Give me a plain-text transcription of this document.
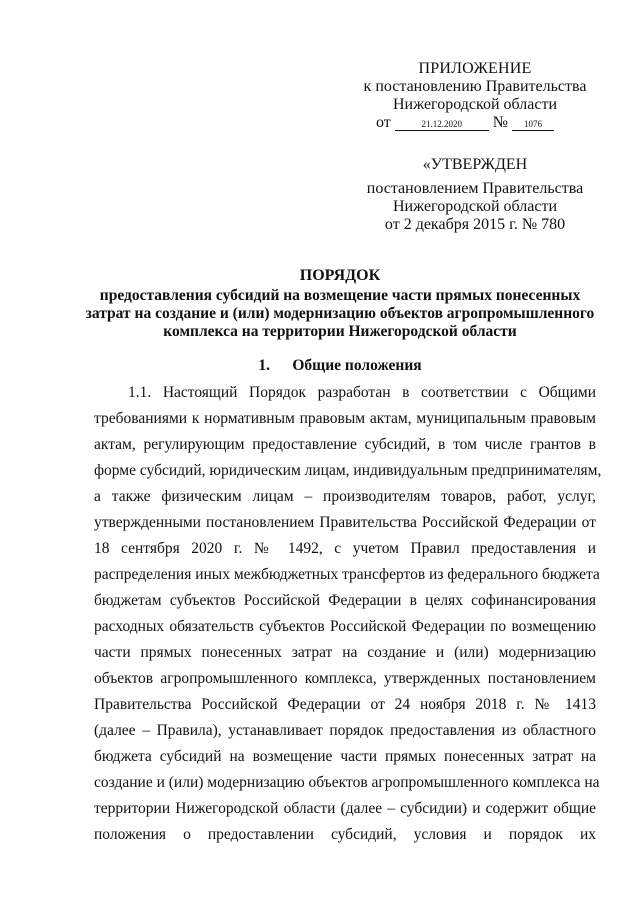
ПРИЛОЖЕНИЕ
к постановлению Правительства
Нижегородской области
от	21.12.2020 № 1076
«УТВЕРЖДЕН
постановлением Правительства
Нижегородской области
от 2 декабря 2015 г. № 780
ПОРЯДОК
предоставления субсидий на возмещение части прямых понесенных
затрат на создание и (или) модернизацию объектов агропромышленного
комплекса на территории Нижегородской области
1. Общие положения
1.1. Настоящий Порядок разработан в соответствии с Общими
требованиями к нормативным правовым актам, муниципальным правовым
актам, регулирующим предоставление субсидий, в том числе грантов в
форме субсидий, юридическим лицам, индивидуальным предпринимателям,
а также физическим лицам – производителям товаров, работ, услуг,
утвержденными постановлением Правительства Российской Федерации от
18 сентября 2020 г. № 1492, с учетом Правил предоставления и
распределения иных межбюджетных трансфертов из федерального бюджета
бюджетам субъектов Российской Федерации в целях софинансирования
расходных обязательств субъектов Российской Федерации по возмещению
части прямых понесенных затрат на создание и (или) модернизацию
объектов агропромышленного комплекса, утвержденных постановлением
Правительства Российской Федерации от 24 ноября 2018 г. № 1413
(далее – Правила), устанавливает порядок предоставления из областного
бюджета субсидий на возмещение части прямых понесенных затрат на
создание и (или) модернизацию объектов агропромышленного комплекса на
территории Нижегородской области (далее – субсидии) и содержит общие
положения о предоставлении субсидий, условия и порядок их
